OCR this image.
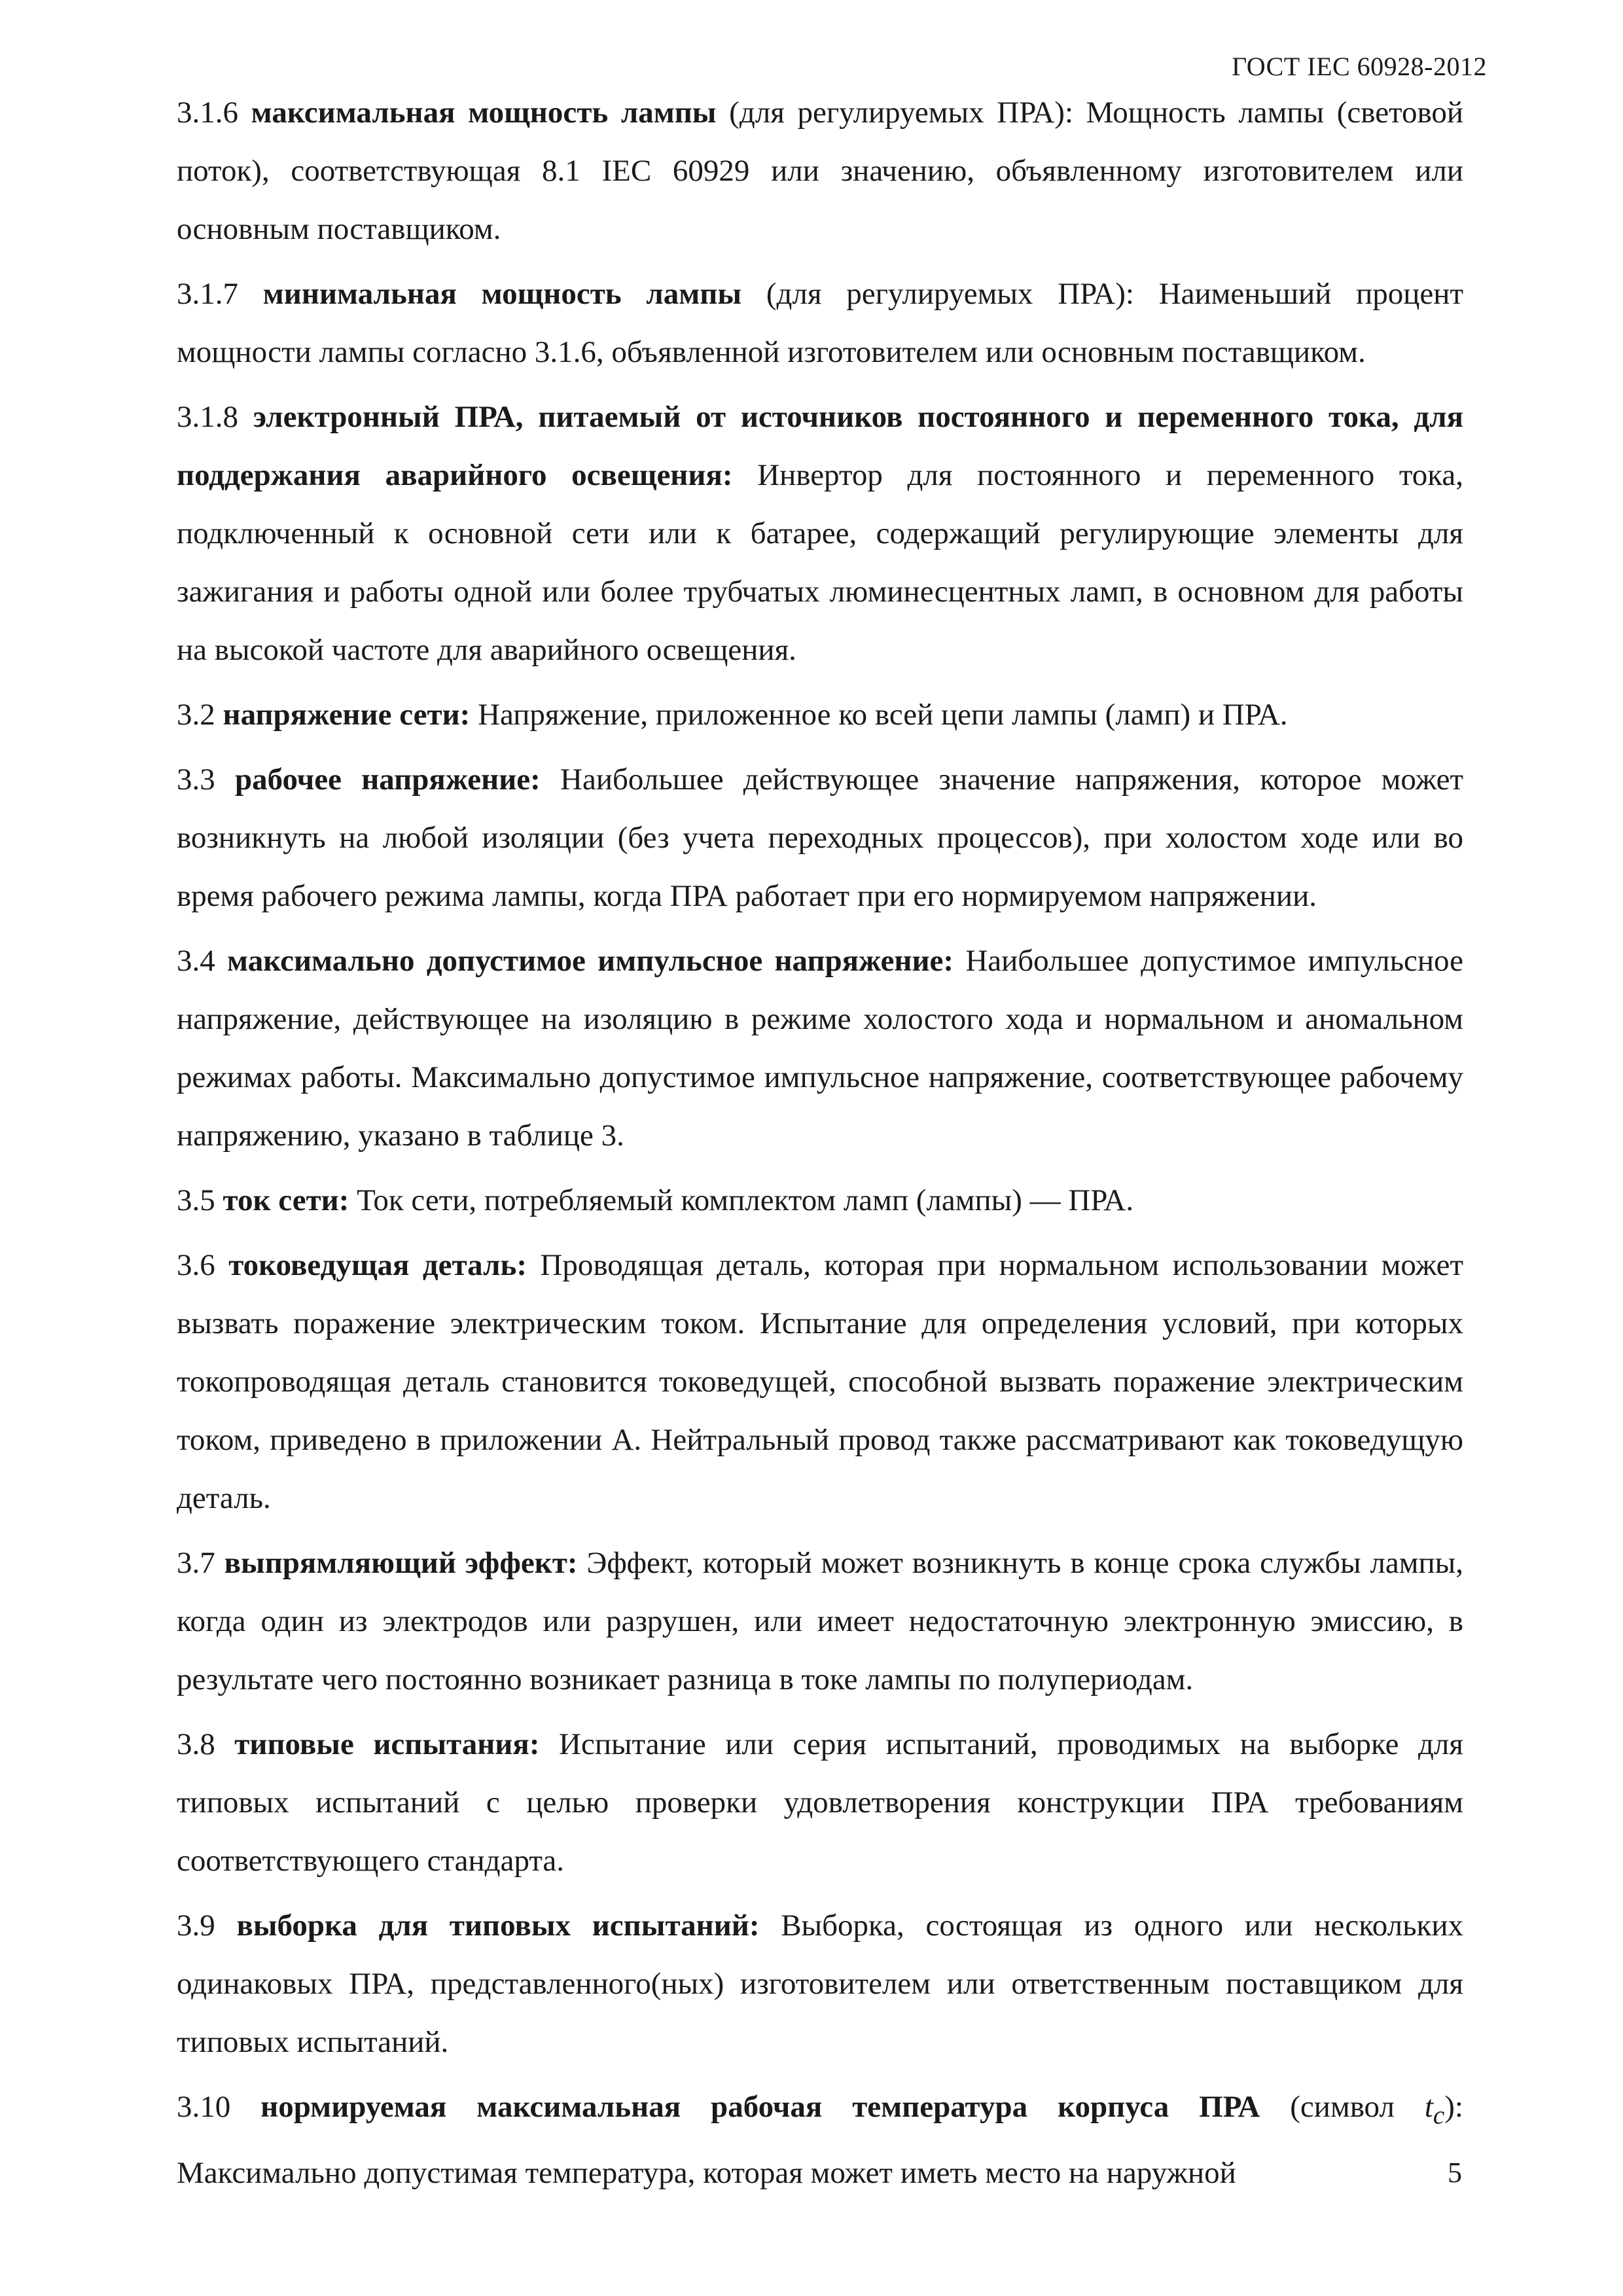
ГОСТ IEC 60928-2012

3.1.6 максимальная мощность лампы (для регулируемых ПРА): Мощность лампы (световой поток), соответствующая 8.1 IEC 60929 или значению, объявленному изготовителем или основным поставщиком.

3.1.7 минимальная мощность лампы (для регулируемых ПРА): Наименьший процент мощности лампы согласно 3.1.6, объявленной изготовителем или основным поставщиком.

3.1.8 электронный ПРА, питаемый от источников постоянного и переменного тока, для поддержания аварийного освещения: Инвертор для постоянного и переменного тока, подключенный к основной сети или к батарее, содержащий регулирующие элементы для зажигания и работы одной или более трубчатых люминесцентных ламп, в основном для работы на высокой частоте для аварийного освещения.

3.2 напряжение сети: Напряжение, приложенное ко всей цепи лампы (ламп) и ПРА.

3.3 рабочее напряжение: Наибольшее действующее значение напряжения, которое может возникнуть на любой изоляции (без учета переходных процессов), при холостом ходе или во время рабочего режима лампы, когда ПРА работает при его нормируемом напряжении.

3.4 максимально допустимое импульсное напряжение: Наибольшее допустимое импульсное напряжение, действующее на изоляцию в режиме холостого хода и нормальном и аномальном режимах работы. Максимально допустимое импульсное напряжение, соответствующее рабочему напряжению, указано в таблице 3.

3.5 ток сети: Ток сети, потребляемый комплектом ламп (лампы) — ПРА.

3.6 токоведущая деталь: Проводящая деталь, которая при нормальном использовании может вызвать поражение электрическим током. Испытание для определения условий, при которых токопроводящая деталь становится токоведущей, способной вызвать поражение электрическим током, приведено в приложении А. Нейтральный провод также рассматривают как токоведущую деталь.

3.7 выпрямляющий эффект: Эффект, который может возникнуть в конце срока службы лампы, когда один из электродов или разрушен, или имеет недостаточную электронную эмиссию, в результате чего постоянно возникает разница в токе лампы по полупериодам.

3.8 типовые испытания: Испытание или серия испытаний, проводимых на выборке для типовых испытаний с целью проверки удовлетворения конструкции ПРА требованиям соответствующего стандарта.

3.9 выборка для типовых испытаний: Выборка, состоящая из одного или нескольких одинаковых ПРА, представленного(ных) изготовителем или ответственным поставщиком для типовых испытаний.

3.10 нормируемая максимальная рабочая температура корпуса ПРА (символ $t_c$): Максимально допустимая температура, которая может иметь место на наружной	5
